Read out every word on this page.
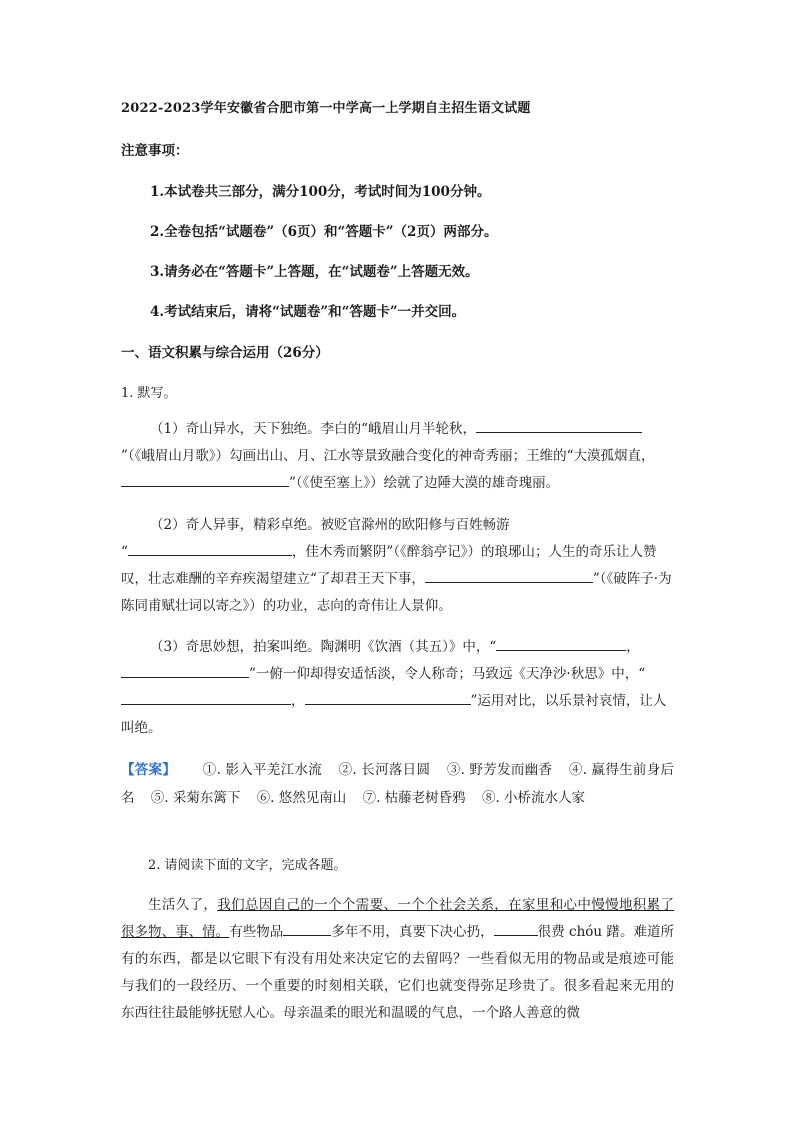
2022-2023学年安徽省合肥市第一中学高一上学期自主招生语文试题
注意事项：
1.本试卷共三部分，满分100分，考试时间为100分钟。
2.全卷包括“试题卷”（6页）和“答题卡”（2页）两部分。
3.请务必在“答题卡”上答题，在“试题卷”上答题无效。
4.考试结束后，请将“试题卷”和“答题卡”一并交回。
一、语文积累与综合运用（26分）
1. 默写。

（1）奇山异水，天下独绝。李白的“峨眉山月半轮秋，”（《峨眉山月歌》）勾画出山、月、江水等景致融合变化的神奇秀丽；王维的“大漠孤烟直，”（《使至塞上》）绘就了边陲大漠的雄奇瑰丽。

（2）奇人异事，精彩卓绝。被贬官滁州的欧阳修与百姓畅游

“	，佳木秀而繁阴”（《醉翁亭记》）的琅琊山；人生的奇乐让人赞叹，壮志难酬的辛弃疾渴望建立“了却君王天下事，	”（《破阵子·为陈同甫赋壮词以寄之》）的功业，志向的奇伟让人景仰。

（3）奇思妙想，拍案叫绝。陶渊明《饮酒（其五）》中，“	，”一俯一仰却得安适恬淡，令人称奇；马致远《天净沙·秋思》中，“，	”运用对比，以乐景衬哀情，让人叫绝。

【答案】 ①. 影入平羌江水流 ②. 长河落日圆 ③. 野芳发而幽香 ④. 赢得生前身后名 ⑤. 采菊东篱下 ⑥. 悠然见南山 ⑦. 枯藤老树昏鸦 ⑧. 小桥流水人家

2. 请阅读下面的文字，完成各题。

生活久了，我们总因自己的一个个需要、一个个社会关系，在家里和心中慢慢地积累了很多物、事、情。有些物品	多年不用，真要下决心扔，	很费 chóu 躇。难道所有的东西，都是以它眼下有没有用处来决定它的去留吗？一些看似无用的物品或是痕迹可能与我们的一段经历、一个重要的时刻相关联，它们也就变得弥足珍贵了。很多看起来无用的东西往往最能够抚慰人心。母亲温柔的眼光和温暖的气息，一个路人善意的微
